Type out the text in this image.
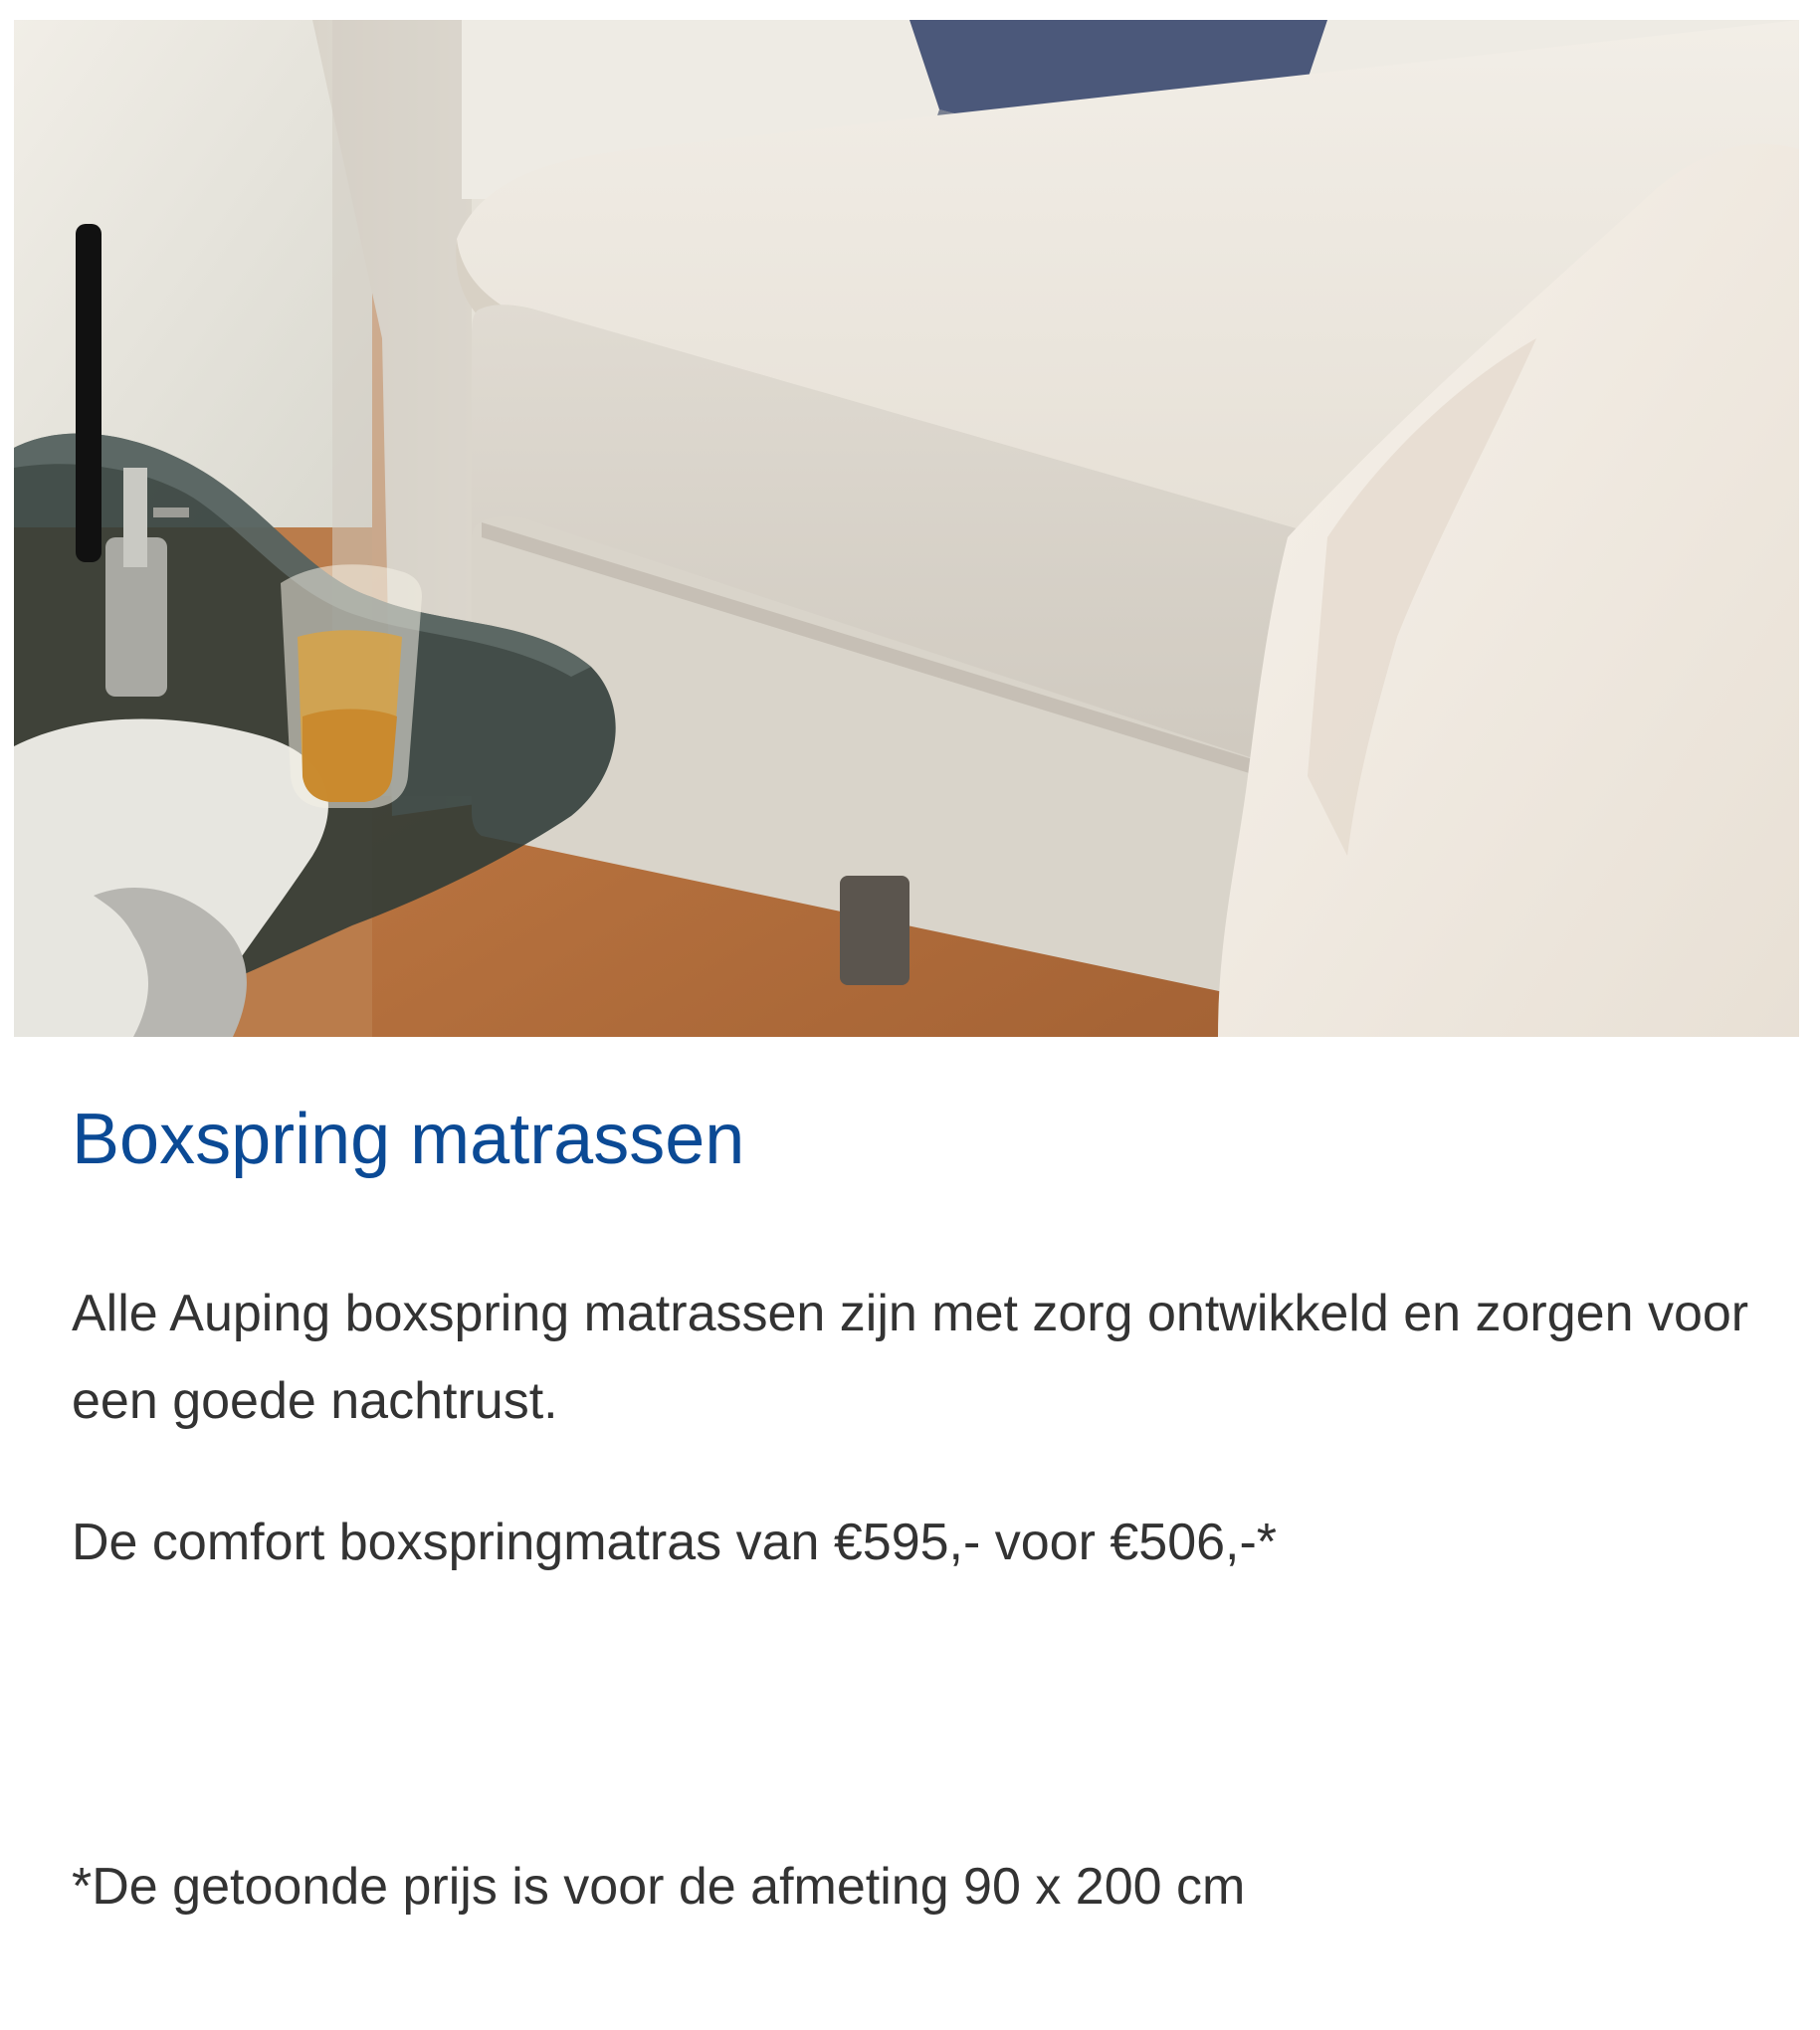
Boxspring matrassen

Alle Auping boxspring matrassen zijn met zorg ontwikkeld en zorgen voor een goede nachtrust.

De comfort boxspringmatras van €595,- voor €506,-*

*De getoonde prijs is voor de afmeting 90 x 200 cm
